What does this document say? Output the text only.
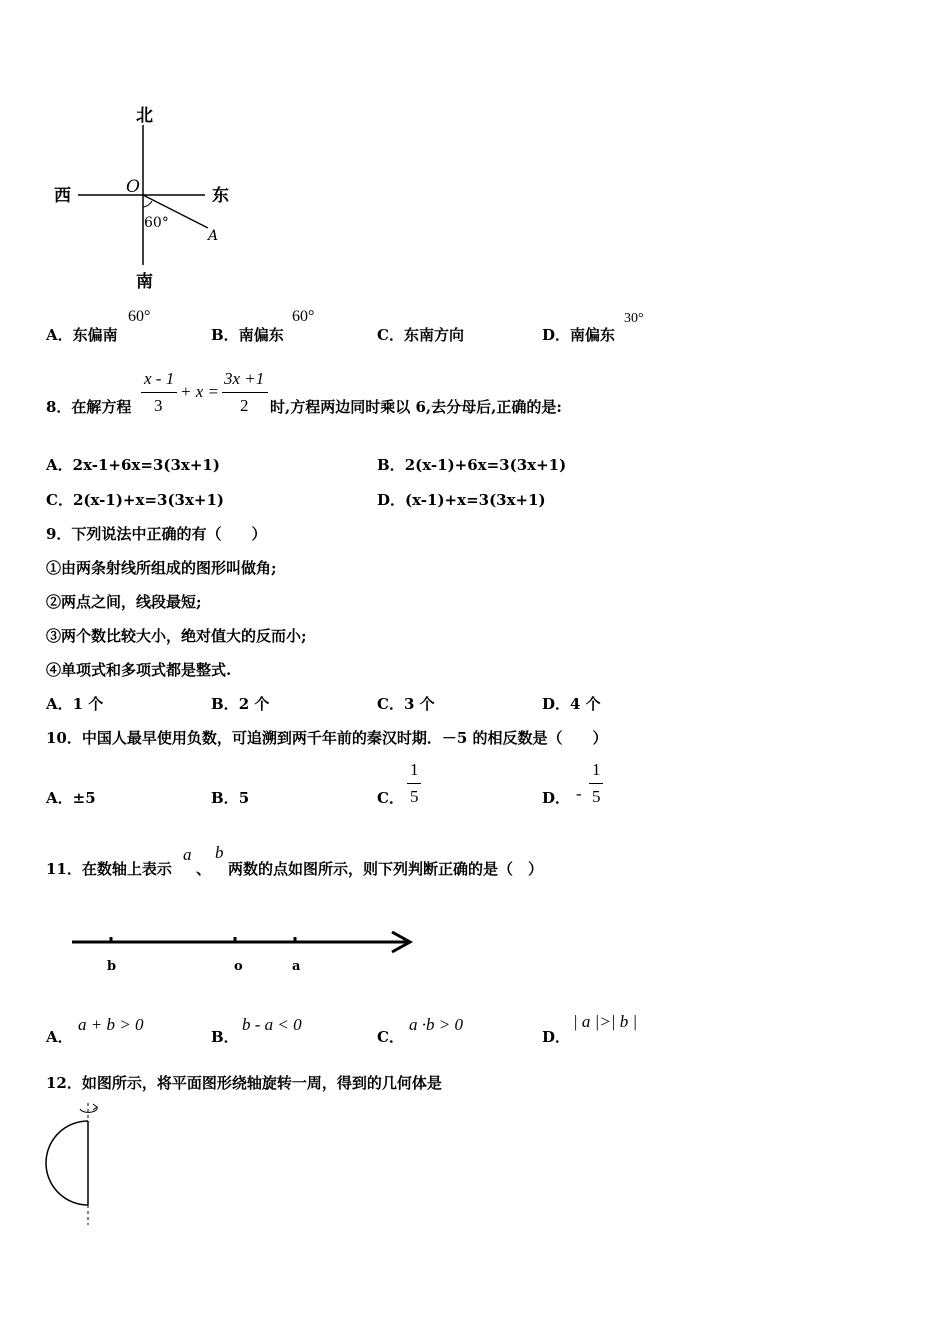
北
南
西	东
O
60°
A
A．东偏南
60°
B．南偏东
60°
C．东南方向	D．南偏东
30°
8．在解方程
x - 1
3
+ x =
3x +1
2 时,方程两边同时乘以 6,去分母后,正确的是:
A．2x-1+6x=3(3x+1)	B．2(x-1)+6x=3(3x+1)
C．2(x-1)+x=3(3x+1)	D．(x-1)+x=3(3x+1)
9．下列说法中正确的有（　　）
①由两条射线所组成的图形叫做角;
②两点之间，线段最短;
③两个数比较大小，绝对值大的反而小;
④单项式和多项式都是整式.
A．1 个	B．2 个	C．3 个	D．4 个
10．中国人最早使用负数，可追溯到两千年前的秦汉时期．－5 的相反数是（　　）
A．±5	B．5	C．
1
5	D． -
1
5
11．在数轴上表示
a
、
b
两数的点如图所示，则下列判断正确的是（　）
b	o	a
A．
a + b > 0
B．
b - a < 0
C．
a ·b > 0
D．
| a |>| b |
12．如图所示，将平面图形绕轴旋转一周，得到的几何体是
